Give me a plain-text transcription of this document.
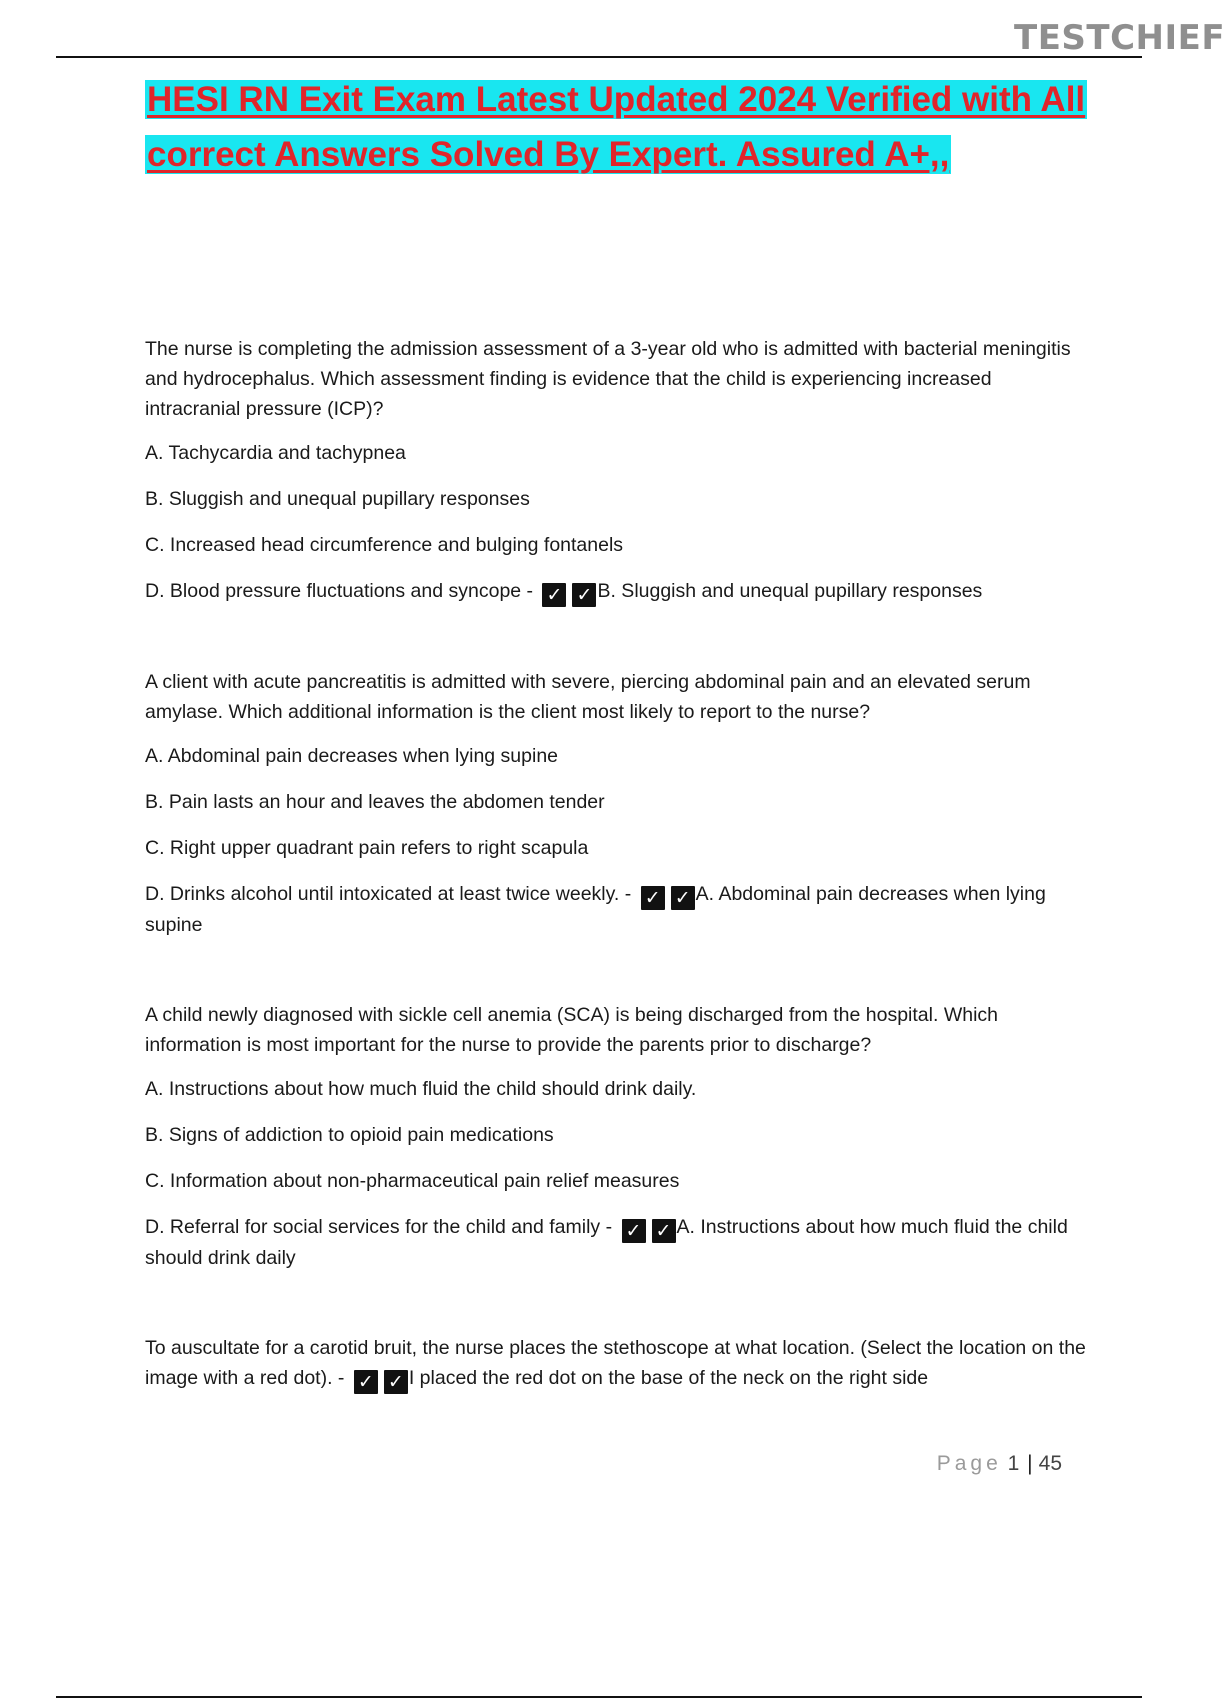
TESTCHIEF
HESI RN Exit Exam Latest Updated 2024 Verified with All correct Answers Solved By Expert. Assured A+,,

The nurse is completing the admission assessment of a 3-year old who is admitted with bacterial meningitis and hydrocephalus. Which assessment finding is evidence that the child is experiencing increased intracranial pressure (ICP)?

A. Tachycardia and tachypnea

B. Sluggish and unequal pupillary responses

C. Increased head circumference and bulging fontanels

D. Blood pressure fluctuations and syncope - ✓ ✓ B. Sluggish and unequal pupillary responses

A client with acute pancreatitis is admitted with severe, piercing abdominal pain and an elevated serum amylase. Which additional information is the client most likely to report to the nurse?

A. Abdominal pain decreases when lying supine

B. Pain lasts an hour and leaves the abdomen tender

C. Right upper quadrant pain refers to right scapula

D. Drinks alcohol until intoxicated at least twice weekly. - ✓ ✓ A. Abdominal pain decreases when lying supine

A child newly diagnosed with sickle cell anemia (SCA) is being discharged from the hospital. Which information is most important for the nurse to provide the parents prior to discharge?

A. Instructions about how much fluid the child should drink daily.

B. Signs of addiction to opioid pain medications

C. Information about non-pharmaceutical pain relief measures

D. Referral for social services for the child and family - ✓ ✓ A. Instructions about how much fluid the child should drink daily

To auscultate for a carotid bruit, the nurse places the stethoscope at what location. (Select the location on the image with a red dot). - ✓ ✓ I placed the red dot on the base of the neck on the right side

Page 1 | 45
